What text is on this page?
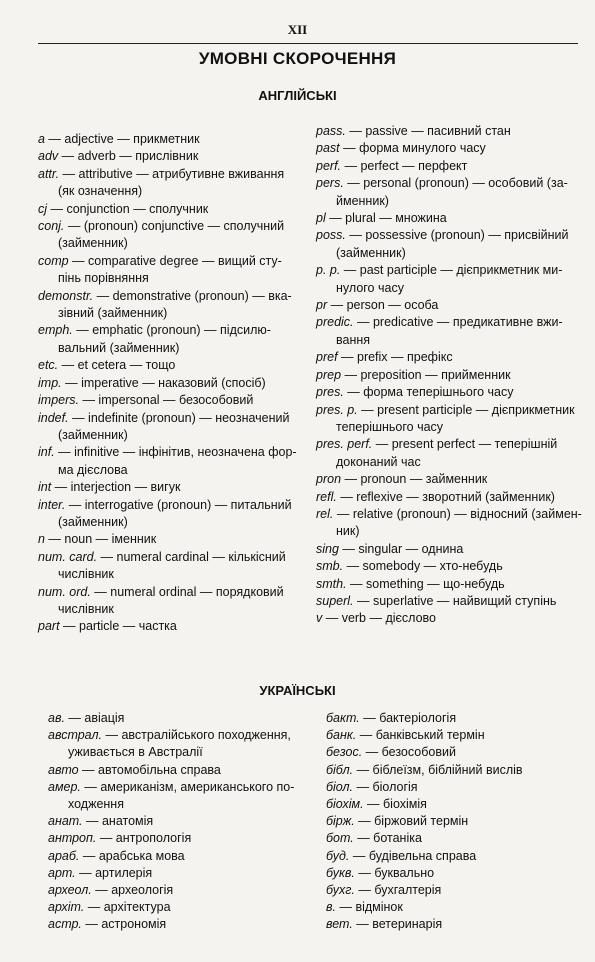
XII
УМОВНІ СКОРОЧЕННЯ
АНГЛІЙСЬКІ
a — adjective — прикметник
adv — adverb — прислівник
attr. — attributive — атрибутивне вживання
(як означення)
cj — conjunction — сполучник
conj. — (pronoun) conjunctive — сполучний
(займенник)
comp — comparative degree — вищий сту-
пінь порівняння
demonstr. — demonstrative (pronoun) — вка-
зівний (займенник)
emph. — emphatic (pronoun) — підсилю-
вальний (займенник)
etc. — et cetera — тощо
imp. — imperative — наказовий (спосіб)
impers. — impersonal — безособовий
indef. — indefinite (pronoun) — неозначений
(займенник)
inf. — infinitive — інфінітив, неозначена фор-
ма дієслова
int — interjection — вигук
inter. — interrogative (pronoun) — питальний
(займенник)
n — noun — іменник
num. card. — numeral cardinal — кількісний
числівник
num. ord. — numeral ordinal — порядковий
числівник
part — particle — частка
pass. — passive — пасивний стан
past — форма минулого часу
perf. — perfect — перфект
pers. — personal (pronoun) — особовий (за-
йменник)
pl — plural — множина
poss. — possessive (pronoun) — присвійний
(займенник)
p. p. — past participle — дієприкметник ми-
нулого часу
pr — person — особа
predic. — predicative — предикативне вжи-
вання
pref — prefix — префікс
prep — preposition — прийменник
pres. — форма теперішнього часу
pres. p. — present participle — дієприкметник
теперішнього часу
pres. perf. — present perfect — теперішній
доконаний час
pron — pronoun — займенник
refl. — reflexive — зворотний (займенник)
rel. — relative (pronoun) — відносний (займен-
ник)
sing — singular — однина
smb. — somebody — хто-небудь
smth. — something — що-небудь
superl. — superlative — найвищий ступінь
v — verb — дієслово
УКРАЇНСЬКІ
ав. — авіація
австрал. — австралійського походження,
уживається в Австралії
авто — автомобільна справа
амер. — американізм, американського по-
ходження
анат. — анатомія
антроп. — антропологія
араб. — арабська мова
арт. — артилерія
археол. — археологія
архіт. — архітектура
астр. — астрономія
бакт. — бактеріологія
банк. — банківський термін
безос. — безособовий
бібл. — біблеїзм, біблійний вислів
біол. — біологія
біохім. — біохімія
бірж. — біржовий термін
бот. — ботаніка
буд. — будівельна справа
букв. — буквально
бухг. — бухгалтерія
в. — відмінок
вет. — ветеринарія
